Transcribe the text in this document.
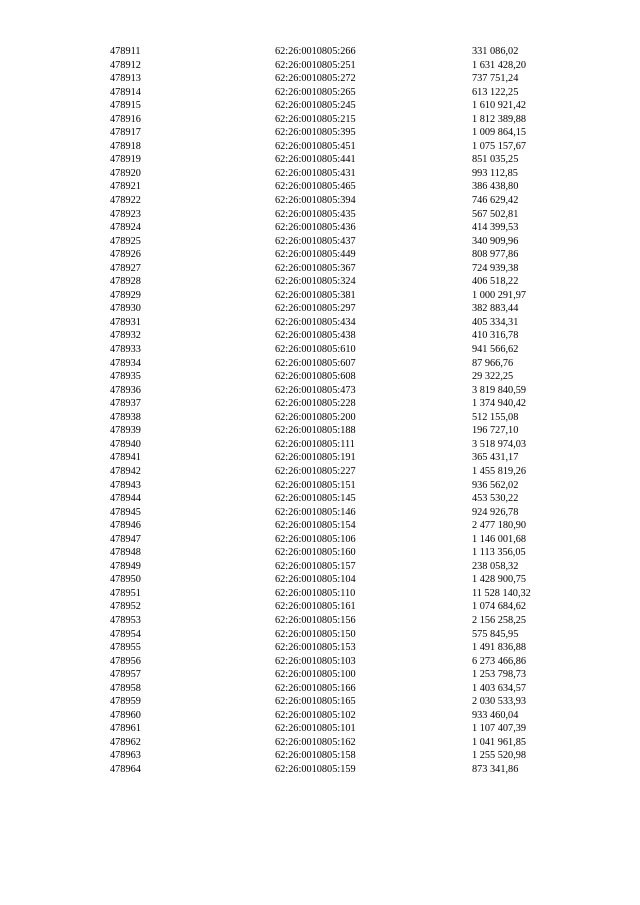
478911	62:26:0010805:266	331 086,02
478912	62:26:0010805:251	1 631 428,20
478913	62:26:0010805:272	737 751,24
478914	62:26:0010805:265	613 122,25
478915	62:26:0010805:245	1 610 921,42
478916	62:26:0010805:215	1 812 389,88
478917	62:26:0010805:395	1 009 864,15
478918	62:26:0010805:451	1 075 157,67
478919	62:26:0010805:441	851 035,25
478920	62:26:0010805:431	993 112,85
478921	62:26:0010805:465	386 438,80
478922	62:26:0010805:394	746 629,42
478923	62:26:0010805:435	567 502,81
478924	62:26:0010805:436	414 399,53
478925	62:26:0010805:437	340 909,96
478926	62:26:0010805:449	808 977,86
478927	62:26:0010805:367	724 939,38
478928	62:26:0010805:324	406 518,22
478929	62:26:0010805:381	1 000 291,97
478930	62:26:0010805:297	382 883,44
478931	62:26:0010805:434	405 334,31
478932	62:26:0010805:438	410 316,78
478933	62:26:0010805:610	941 566,62
478934	62:26:0010805:607	87 966,76
478935	62:26:0010805:608	29 322,25
478936	62:26:0010805:473	3 819 840,59
478937	62:26:0010805:228	1 374 940,42
478938	62:26:0010805:200	512 155,08
478939	62:26:0010805:188	196 727,10
478940	62:26:0010805:111	3 518 974,03
478941	62:26:0010805:191	365 431,17
478942	62:26:0010805:227	1 455 819,26
478943	62:26:0010805:151	936 562,02
478944	62:26:0010805:145	453 530,22
478945	62:26:0010805:146	924 926,78
478946	62:26:0010805:154	2 477 180,90
478947	62:26:0010805:106	1 146 001,68
478948	62:26:0010805:160	1 113 356,05
478949	62:26:0010805:157	238 058,32
478950	62:26:0010805:104	1 428 900,75
478951	62:26:0010805:110	11 528 140,32
478952	62:26:0010805:161	1 074 684,62
478953	62:26:0010805:156	2 156 258,25
478954	62:26:0010805:150	575 845,95
478955	62:26:0010805:153	1 491 836,88
478956	62:26:0010805:103	6 273 466,86
478957	62:26:0010805:100	1 253 798,73
478958	62:26:0010805:166	1 403 634,57
478959	62:26:0010805:165	2 030 533,93
478960	62:26:0010805:102	933 460,04
478961	62:26:0010805:101	1 107 407,39
478962	62:26:0010805:162	1 041 961,85
478963	62:26:0010805:158	1 255 520,98
478964	62:26:0010805:159	873 341,86
